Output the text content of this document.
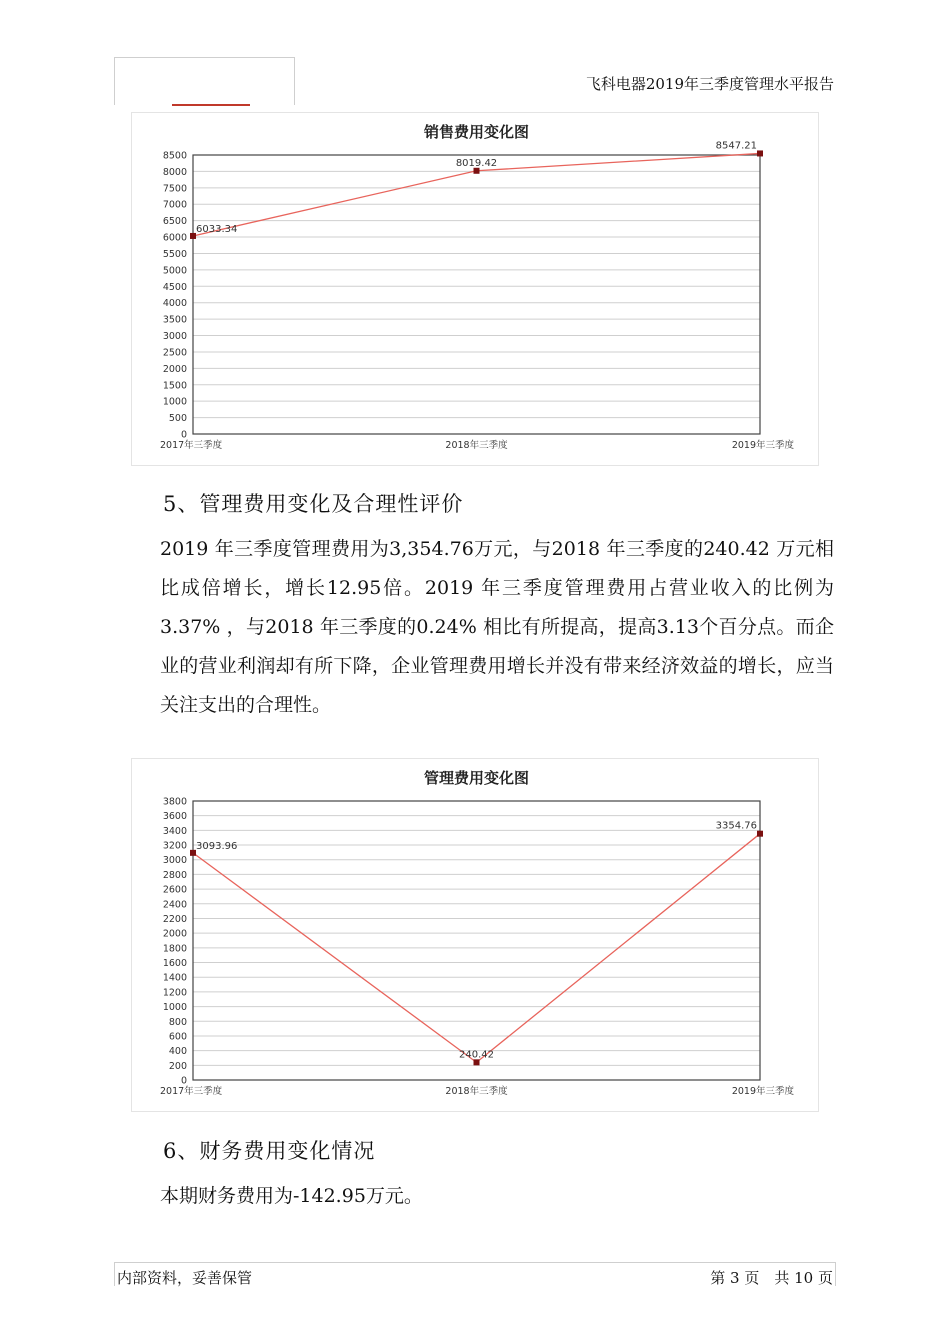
飞科电器2019年三季度管理水平报告
销售费用变化图
0
500
1000
1500
2000
2500
3000
3500
4000
4500
5000
5500
6000
6500
7000
7500
8000
8500
2017年三季度	2018年三季度	2019年三季度
6033.34
8019.42
8547.21
5、管理费用变化及合理性评价
2019 年三季度管理费用为3,354.76万元，与2018 年三季度的240.42 万元相比成倍增长，增长12.95倍。2019 年三季度管理费用占营业收入的比例为3.37% ，与2018 年三季度的0.24% 相比有所提高，提高3.13个百分点。而企业的营业利润却有所下降，企业管理费用增长并没有带来经济效益的增长，应当关注支出的合理性。
管理费用变化图
0
200
400
600
800
1000
1200
1400
1600
1800
2000
2200
2400
2600
2800
3000
3200
3400
3600
3800
2017年三季度	2018年三季度	2019年三季度
3093.96
240.42
3354.76
6、财务费用变化情况
本期财务费用为-142.95万元。
内部资料，妥善保管	第 3 页　共 10 页
